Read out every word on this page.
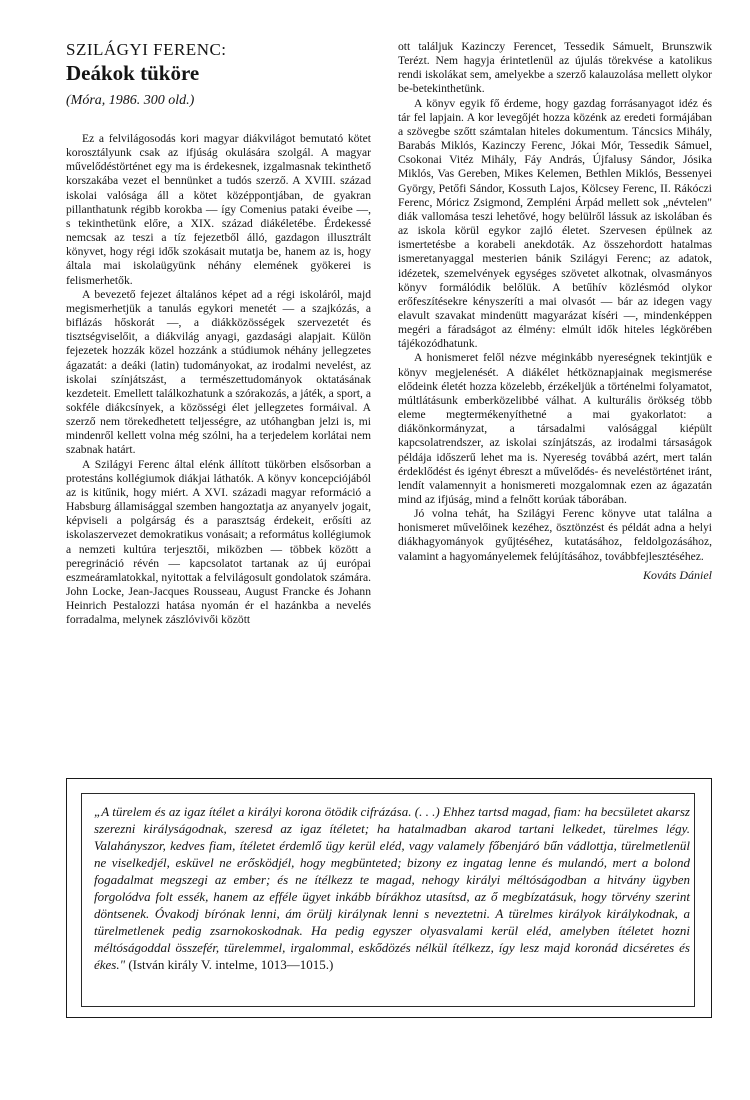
SZILÁGYI FERENC:

Deákok tüköre

(Móra, 1986. 300 old.)

Ez a felvilágosodás kori magyar diákvilágot bemutató kötet korosztályunk csak az ifjúság okulására szolgál. A magyar művelődéstörténet egy ma is érdekesnek, izgalmasnak tekinthető korszakába vezet el bennünket a tudós szerző. A XVIII. század iskolai valósága áll a kötet középpontjában, de gyakran pillanthatunk régibb korokba — így Comenius pataki éveibe —, s tekinthetünk előre, a XIX. század diákéletébe. Érdekessé nemcsak az teszi a tíz fejezetből álló, gazdagon illusztrált könyvet, hogy régi idők szokásait mutatja be, hanem az is, hogy általa mai iskolaügyünk néhány elemének gyökerei is felismerhetők.

A bevezető fejezet általános képet ad a régi iskoláról, majd megismerhetjük a tanulás egykori menetét — a szajkózás, a biflázás hőskorát —, a diákközösségek szervezetét és tisztségviselőit, a diákvilág anyagi, gazdasági alapjait. Külön fejezetek hozzák közel hozzánk a stúdiumok néhány jellegzetes ágazatát: a deáki (latin) tudományokat, az irodalmi nevelést, az iskolai színjátszást, a természettudományok oktatásának kezdeteit. Emellett találkozhatunk a szórakozás, a játék, a sport, a sokféle diákcsínyek, a közösségi élet jellegzetes formáival. A szerző nem törekedhetett teljességre, az utóhangban jelzi is, mi mindenről kellett volna még szólni, ha a terjedelem korlátai nem szabnak határt.

A Szilágyi Ferenc által elénk állított tükörben elsősorban a protestáns kollégiumok diákjai láthatók. A könyv koncepciójából az is kitűnik, hogy miért. A XVI. századi magyar reformáció a Habsburg államisággal szemben hangoztatja az anyanyelv jogait, képviseli a polgárság és a parasztság érdekeit, erősíti az iskolaszervezet demokratikus vonásait; a református kollégiumok a nemzeti kultúra terjesztői, miközben — többek között a peregrináció révén — kapcsolatot tartanak az új európai eszmeáramlatokkal, nyitottak a felvilágosult gondolatok számára. John Locke, Jean-Jacques Rousseau, August Francke és Johann Heinrich Pestalozzi hatása nyomán ér el hazánkba a nevelés forradalma, melynek zászlóvivői között

ott találjuk Kazinczy Ferencet, Tessedik Sámuelt, Brunszwik Terézt. Nem hagyja érintetlenül az újulás törekvése a katolikus rendi iskolákat sem, amelyekbe a szerző kalauzolása mellett olykor be-betekinthetünk.

A könyv egyik fő érdeme, hogy gazdag forrásanyagot idéz és tár fel lapjain. A kor levegőjét hozza közénk az eredeti formájában a szövegbe szőtt számtalan hiteles dokumentum. Táncsics Mihály, Barabás Miklós, Kazinczy Ferenc, Jókai Mór, Tessedik Sámuel, Csokonai Vitéz Mihály, Fáy András, Újfalusy Sándor, Jósika Miklós, Vas Gereben, Mikes Kelemen, Bethlen Miklós, Bessenyei György, Petőfi Sándor, Kossuth Lajos, Kölcsey Ferenc, II. Rákóczi Ferenc, Móricz Zsigmond, Zempléni Árpád mellett sok „névtelen" diák vallomása teszi lehetővé, hogy belülről lássuk az iskolában és az iskola körül egykor zajló életet. Szervesen épülnek az ismertetésbe a korabeli anekdoták. Az összehordott hatalmas ismeretanyaggal mesterien bánik Szilágyi Ferenc; az adatok, idézetek, szemelvények egységes szövetet alkotnak, olvasmányos könyv formálódik belőlük. A betűhív közlésmód olykor erőfeszítésekre kényszeríti a mai olvasót — bár az idegen vagy elavult szavakat mindenütt magyarázat kíséri —, mindenképpen megéri a fáradságot az élmény: elmúlt idők hiteles légkörében tájékozódhatunk.

A honismeret felől nézve méginkább nyereségnek tekintjük e könyv megjelenését. A diákélet hétköznapjainak megismerése elődeink életét hozza közelebb, érzékeljük a történelmi folyamatot, múltlátásunk emberközelibbé válhat. A kulturális örökség több eleme megtermékenyíthetné a mai gyakorlatot: a diákönkormányzat, a társadalmi valósággal kiépült kapcsolatrendszer, az iskolai színjátszás, az irodalmi társaságok példája időszerű lehet ma is. Nyereség továbbá azért, mert talán érdeklődést és igényt ébreszt a művelődés- és neveléstörténet iránt, lendít valamennyit a honismereti mozgalomnak ezen az ágazatán mind az ifjúság, mind a felnőtt korúak táborában.

Jó volna tehát, ha Szilágyi Ferenc könyve utat találna a honismeret művelőinek kezéhez, ösztönzést és példát adna a helyi diákhagyományok gyűjtéséhez, kutatásához, feldolgozásához, valamint a hagyományelemek felújításához, továbbfejlesztéséhez.

Kováts Dániel

„A türelem és az igaz ítélet a királyi korona ötödik cifrázása. (. . .) Ehhez tartsd magad, fiam: ha becsületet akarsz szerezni királyságodnak, szeresd az igaz ítéletet; ha hatalmadban akarod tartani lelkedet, türelmes légy. Valahányszor, kedves fiam, ítéletet érdemlő ügy kerül eléd, vagy valamely főbenjáró bűn vádlottja, türelmetlenül ne viselkedjél, esküvel ne erősködjél, hogy megbünteted; bizony ez ingatag lenne és mulandó, mert a bolond fogadalmat megszegi az ember; és ne ítélkezz te magad, nehogy királyi méltóságodban a hitvány ügyben forgolódva folt essék, hanem az efféle ügyet inkább bírákhoz utasítsd, az ő megbízatásuk, hogy törvény szerint döntsenek. Óvakodj bírónak lenni, ám örülj királynak lenni s neveztetni. A türelmes királyok királykodnak, a türelmetlenek pedig zsarnokoskodnak. Ha pedig egyszer olyasvalami kerül eléd, amelyben ítéletet hozni méltóságoddal összefér, türelemmel, irgalommal, eskődözés nélkül ítélkezz, így lesz majd koronád dicséretes és ékes." (István király V. intelme, 1013—1015.)
